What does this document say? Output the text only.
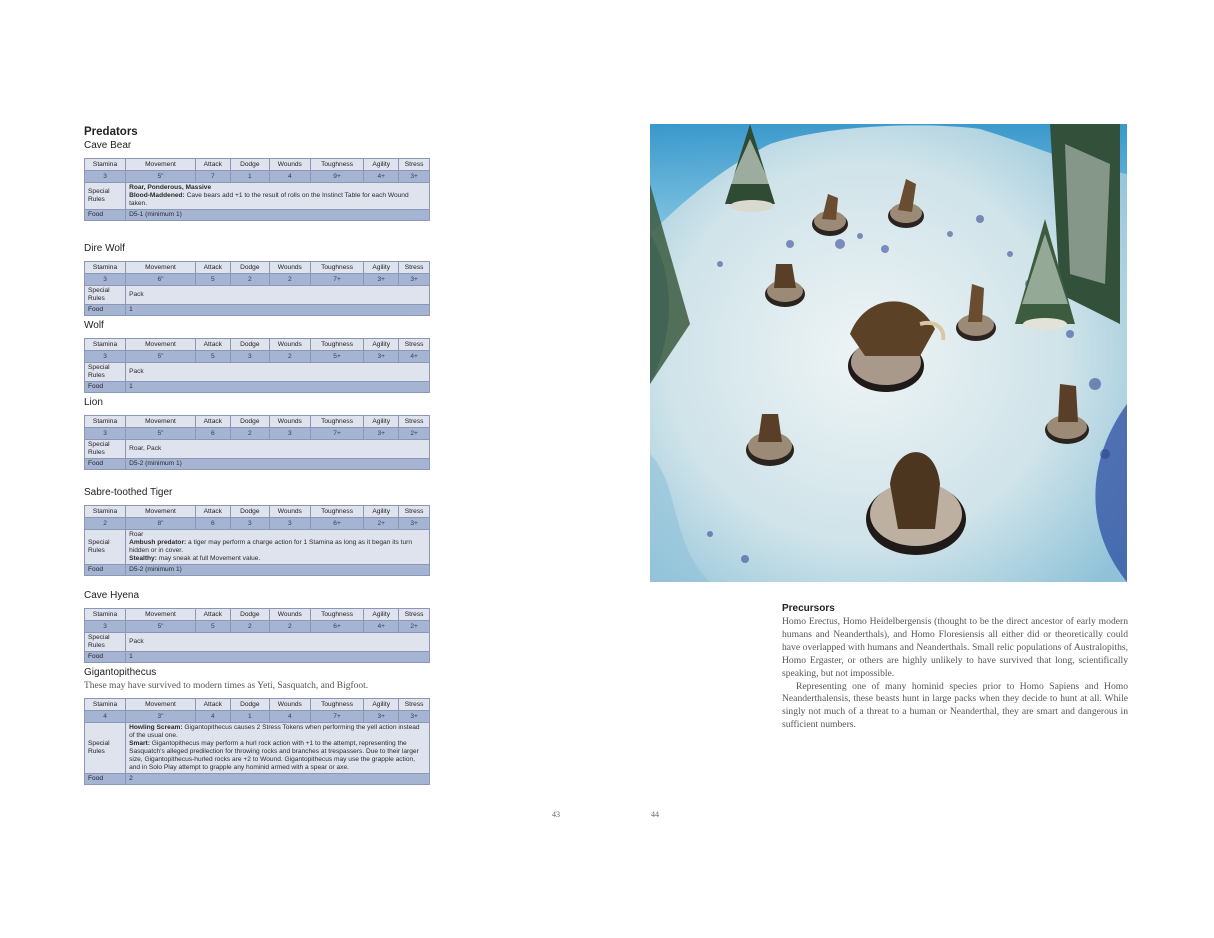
Predators
Cave Bear
Stamina	Movement	Attack	Dodge	Wounds	Toughness	Agility	Stress
3	5"	7	1	4	9+	4+	3+
Special Rules	Roar, Ponderous, Massive
Blood-Maddened: Cave bears add +1 to the result of rolls on the Instinct Table for each Wound taken.						

Food	D5-1 (minimum 1)						
Dire Wolf
Stamina	Movement	Attack	Dodge	Wounds	Toughness	Agility	Stress
3	6"	5	2	2	7+	3+	3+
Special Rules	Pack						

Food	1						
Wolf
Stamina	Movement	Attack	Dodge	Wounds	Toughness	Agility	Stress
3	5"	5	3	2	5+	3+	4+
Special Rules	Pack						

Food	1						
Lion
Stamina	Movement	Attack	Dodge	Wounds	Toughness	Agility	Stress
3	5"	6	2	3	7+	3+	2+
Special Rules	Roar, Pack						

Food	D5-2 (minimum 1)						
Sabre-toothed Tiger
Stamina	Movement	Attack	Dodge	Wounds	Toughness	Agility	Stress
2	8"	6	3	3	6+	2+	3+
Special Rules	Roar
Ambush predator: a tiger may perform a charge action for 1 Stamina as long as it began its turn hidden or in cover.
Stealthy: may sneak at full Movement value.						

Food	D5-2 (minimum 1)						
Cave Hyena
Stamina	Movement	Attack	Dodge	Wounds	Toughness	Agility	Stress
3	5"	5	2	2	6+	4+	2+
Special Rules	Pack						

Food	1						
Gigantopithecus
These may have survived to modern times as Yeti, Sasquatch, and Bigfoot.
Stamina	Movement	Attack	Dodge	Wounds	Toughness	Agility	Stress
4	3"	4	1	4	7+	3+	3+
Special Rules	Howling Scream: Gigantopithecus causes 2 Stress Tokens when performing the yell action instead of the usual one.
Smart: Gigantopithecus may perform a hurl rock action with +1 to the attempt, representing the Sasquatch's alleged predilection for throwing rocks and branches at trespassers. Due to their larger size, Gigantopithecus-hurled rocks are +2 to Wound. Gigantopithecus may use the grapple action, and in Solo Play attempt to grapple any hominid armed with a spear or axe.						

Food	2						
43	44
Precursors

Homo Erectus, Homo Heidelbergensis (thought to be the direct ancestor of early modern humans and Neanderthals), and Homo Floresiensis all either did or theoretically could have overlapped with humans and Neanderthals. Small relic populations of Australopiths, Homo Ergaster, or others are highly unlikely to have survived that long, scientifically speaking, but not impossible.

Representing one of many hominid species prior to Homo Sapiens and Homo Neanderthalensis, these beasts hunt in large packs when they decide to hunt at all. While singly not much of a threat to a human or Neanderthal, they are smart and dangerous in sufficient numbers.
